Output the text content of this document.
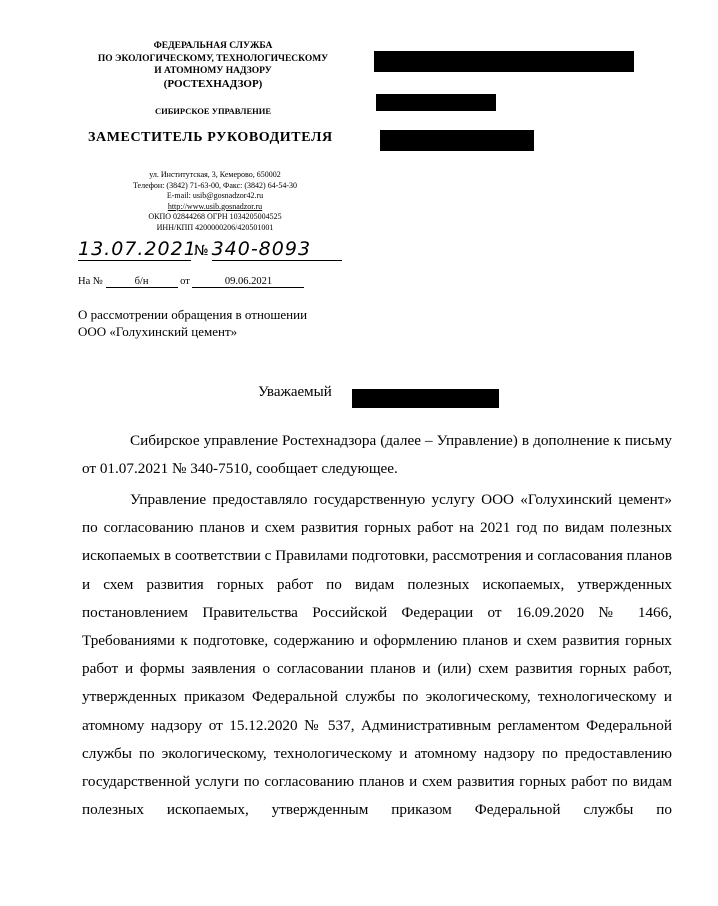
ФЕДЕРАЛЬНАЯ СЛУЖБА
ПО ЭКОЛОГИЧЕСКОМУ, ТЕХНОЛОГИЧЕСКОМУ
И АТОМНОМУ НАДЗОРУ
(РОСТЕХНАДЗОР)
СИБИРСКОЕ УПРАВЛЕНИЕ
ЗАМЕСТИТЕЛЬ РУКОВОДИТЕЛЯ
ул. Институтская, 3, Кемерово, 650002
Телефон: (3842) 71-63-00, Факс: (3842) 64-54-30
E-mail: usib@gosnadzor42.ru
http://www.usib.gosnadzor.ru
ОКПО 02844268 ОГРН 1034205004525
ИНН/КПП 4200000206/420501001
13.07.2021№ 340-8093
На №	б/н	от	09.06.2021
О рассмотрении обращения в отношении
ООО «Голухинский цемент»
Уважаемый
Сибирское управление Ростехнадзора (далее – Управление) в дополнение к письму от 01.07.2021 № 340-7510, сообщает следующее.
Управление предоставляло государственную услугу ООО «Голухинский цемент» по согласованию планов и схем развития горных работ на 2021 год по видам полезных ископаемых в соответствии с Правилами подготовки, рассмотрения и согласования планов и схем развития горных работ по видам полезных ископаемых, утвержденных постановлением Правительства Российской Федерации от 16.09.2020 № 1466, Требованиями к подготовке, содержанию и оформлению планов и схем развития горных работ и формы заявления о согласовании планов и (или) схем развития горных работ, утвержденных приказом Федеральной службы по экологическому, технологическому и атомному надзору от 15.12.2020 № 537, Административным регламентом Федеральной службы по экологическому, технологическому и атомному надзору по предоставлению государственной услуги по согласованию планов и схем развития горных работ по видам полезных ископаемых, утвержденным приказом Федеральной службы по
